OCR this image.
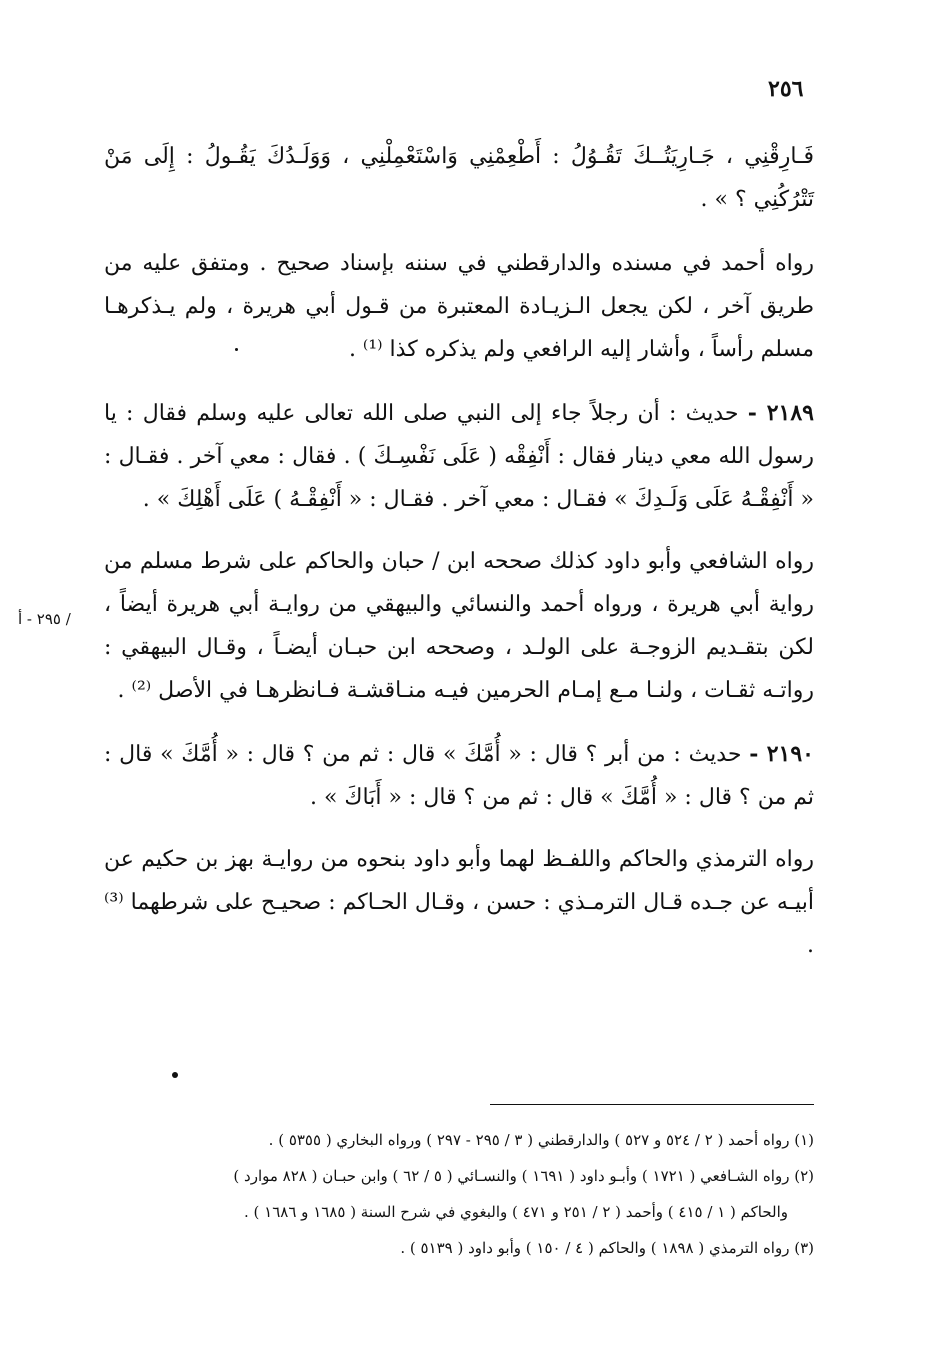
٢٥٦
/ ٢٩٥ - أ

فَـارِقْنِي ، جَـارِيَتُــكَ تَقُـوُلُ : أَطْعِمْنِي وَاسْتَعْمِلْنِي ، وَوَلَـدُكَ يَقُـولُ : إِلَى مَنْ تَتْرُكُنِي ؟ » .

رواه أحمد في مسنده والدارقطني في سننه بإسناد صحيح . ومتفق عليه من طريق آخر ، لكن يجعل الـزيـادة المعتبرة من قـول أبي هريرة ، ولم يـذكرهـا مسلم رأساً ، وأشار إليه الرافعي ولم يذكره كذا ⁽¹⁾ .

٢١٨٩ - حديث : أن رجلاً جاء إلى النبي صلى الله تعالى عليه وسلم فقال : يا رسول الله معي دينار فقال : أَنْفِقْه ( عَلَى نَفْسِـكَ ) . فقال : معي آخر . فقـال : « أَنْفِقْـهُ عَلَى وَلَـدِكَ » فقـال : معي آخر . فقـال : « أَنْفِقْـهُ ) عَلَى أَهْلِكَ » .

رواه الشافعي وأبو داود كذلك صححه ابن / حبان والحاكم على شرط مسلم من رواية أبي هريرة ، ورواه أحمد والنسائي والبيهقي من روايـة أبي هريرة أيضاً ، لكن بتقـديم الزوجـة على الولـد ، وصححه ابن حبـان أيضـاً ، وقـال البيهقي : رواتـه ثقـات ، ولنـا مـع إمـام الحرمين فيـه منـاقشـة فـانظرهـا في الأصل ⁽²⁾ .

٢١٩٠ - حديث : من أبر ؟ قال : « أُمَّكَ » قال : ثم من ؟ قال : « أُمَّكَ » قال : ثم من ؟ قال : « أُمَّكَ » قال : ثم من ؟ قال : « أَبَاكَ » .

رواه الترمذي والحاكم واللفـظ لهما وأبو داود بنحوه من روايـة بهز بن حكيم عن أبيـه عن جـده قـال الترمـذي : حسن ، وقـال الحـاكم : صحيـح على شرطهما ⁽³⁾ .

(١) رواه أحمد ( ٢ / ٥٢٤ و ٥٢٧ ) والدارقطني ( ٣ / ٢٩٥ - ٢٩٧ ) ورواه البخاري ( ٥٣٥٥ ) .

(٢) رواه الشـافعي ( ١٧٢١ ) وأبـو داود ( ١٦٩١ ) والنسـائي ( ٥ / ٦٢ ) وابن حبـان ( ٨٢٨ موارد )

والحاكم ( ١ / ٤١٥ ) وأحمد ( ٢ / ٢٥١ و ٤٧١ ) والبغوي في شرح السنة ( ١٦٨٥ و ١٦٨٦ ) .

(٣) رواه الترمذي ( ١٨٩٨ ) والحاكم ( ٤ / ١٥٠ ) وأبو داود ( ٥١٣٩ ) .
